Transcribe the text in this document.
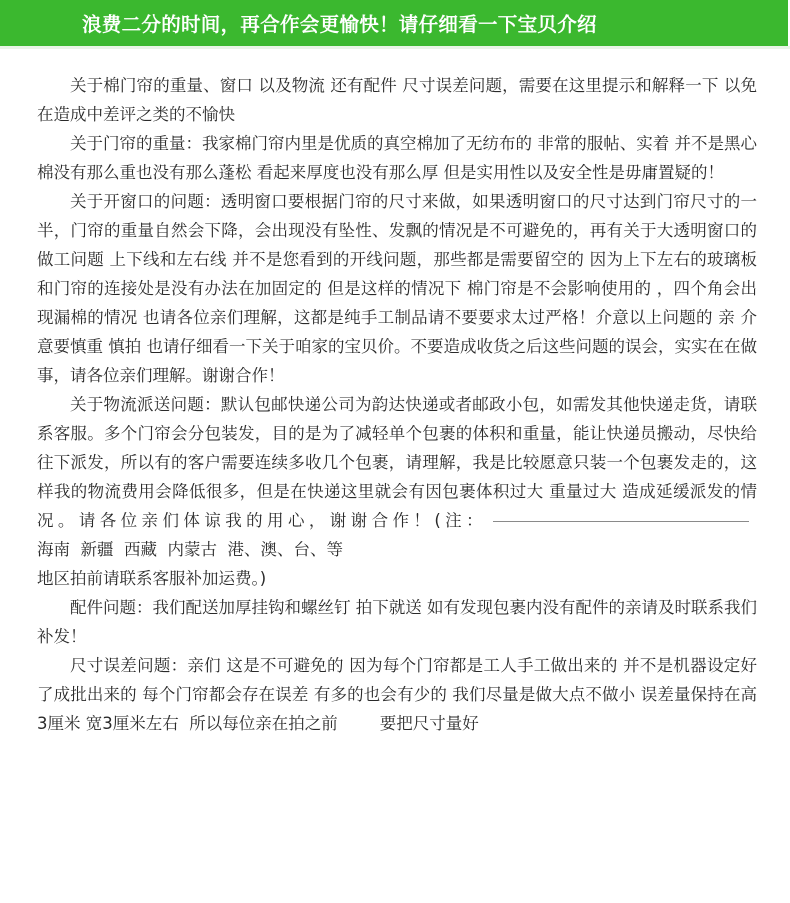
浪费二分的时间，再合作会更愉快！请仔细看一下宝贝介绍

关于棉门帘的重量、窗口 以及物流 还有配件 尺寸误差问题，需要在这里提示和解释一下 以免在造成中差评之类的不愉快

关于门帘的重量：我家棉门帘内里是优质的真空棉加了无纺布的 非常的服帖、实着 并不是黑心棉没有那么重也没有那么蓬松 看起来厚度也没有那么厚 但是实用性以及安全性是毋庸置疑的！

关于开窗口的问题：透明窗口要根据门帘的尺寸来做，如果透明窗口的尺寸达到门帘尺寸的一半，门帘的重量自然会下降，会出现没有坠性、发飘的情况是不可避免的，再有关于大透明窗口的做工问题 上下线和左右线 并不是您看到的开线问题，那些都是需要留空的 因为上下左右的玻璃板和门帘的连接处是没有办法在加固定的 但是这样的情况下 棉门帘是不会影响使用的 ，四个角会出现漏棉的情况 也请各位亲们理解，这都是纯手工制品请不要要求太过严格！介意以上问题的 亲 介意要慎重 慎拍 也请仔细看一下关于咱家的宝贝价。不要造成收货之后这些问题的误会，实实在在做事，请各位亲们理解。谢谢合作！

关于物流派送问题：默认包邮快递公司为韵达快递或者邮政小包，如需发其他快递走货，请联系客服。多个门帘会分包装发，目的是为了减轻单个包裹的体积和重量，能让快递员搬动，尽快给往下派发，所以有的客户需要连续多收几个包裹，请理解，我是比较愿意只装一个包裹发走的，这样我的物流费用会降低很多，但是在快递这里就会有因包裹体积过大 重量过大 造成延缓派发的情况。请各位亲们体谅我的用心，谢谢合作！(注：海南  新疆  西藏  内蒙古  港、澳、台、等
地区拍前请联系客服补加运费。)

配件问题：我们配送加厚挂钩和螺丝钉 拍下就送 如有发现包裹内没有配件的亲请及时联系我们 补发！

尺寸误差问题：亲们 这是不可避免的 因为每个门帘都是工人手工做出来的 并不是机器设定好了成批出来的 每个门帘都会存在误差 有多的也会有少的 我们尽量是做大点不做小 误差量保持在高3厘米 宽3厘米左右  所以每位亲在拍之前        要把尺寸量好
